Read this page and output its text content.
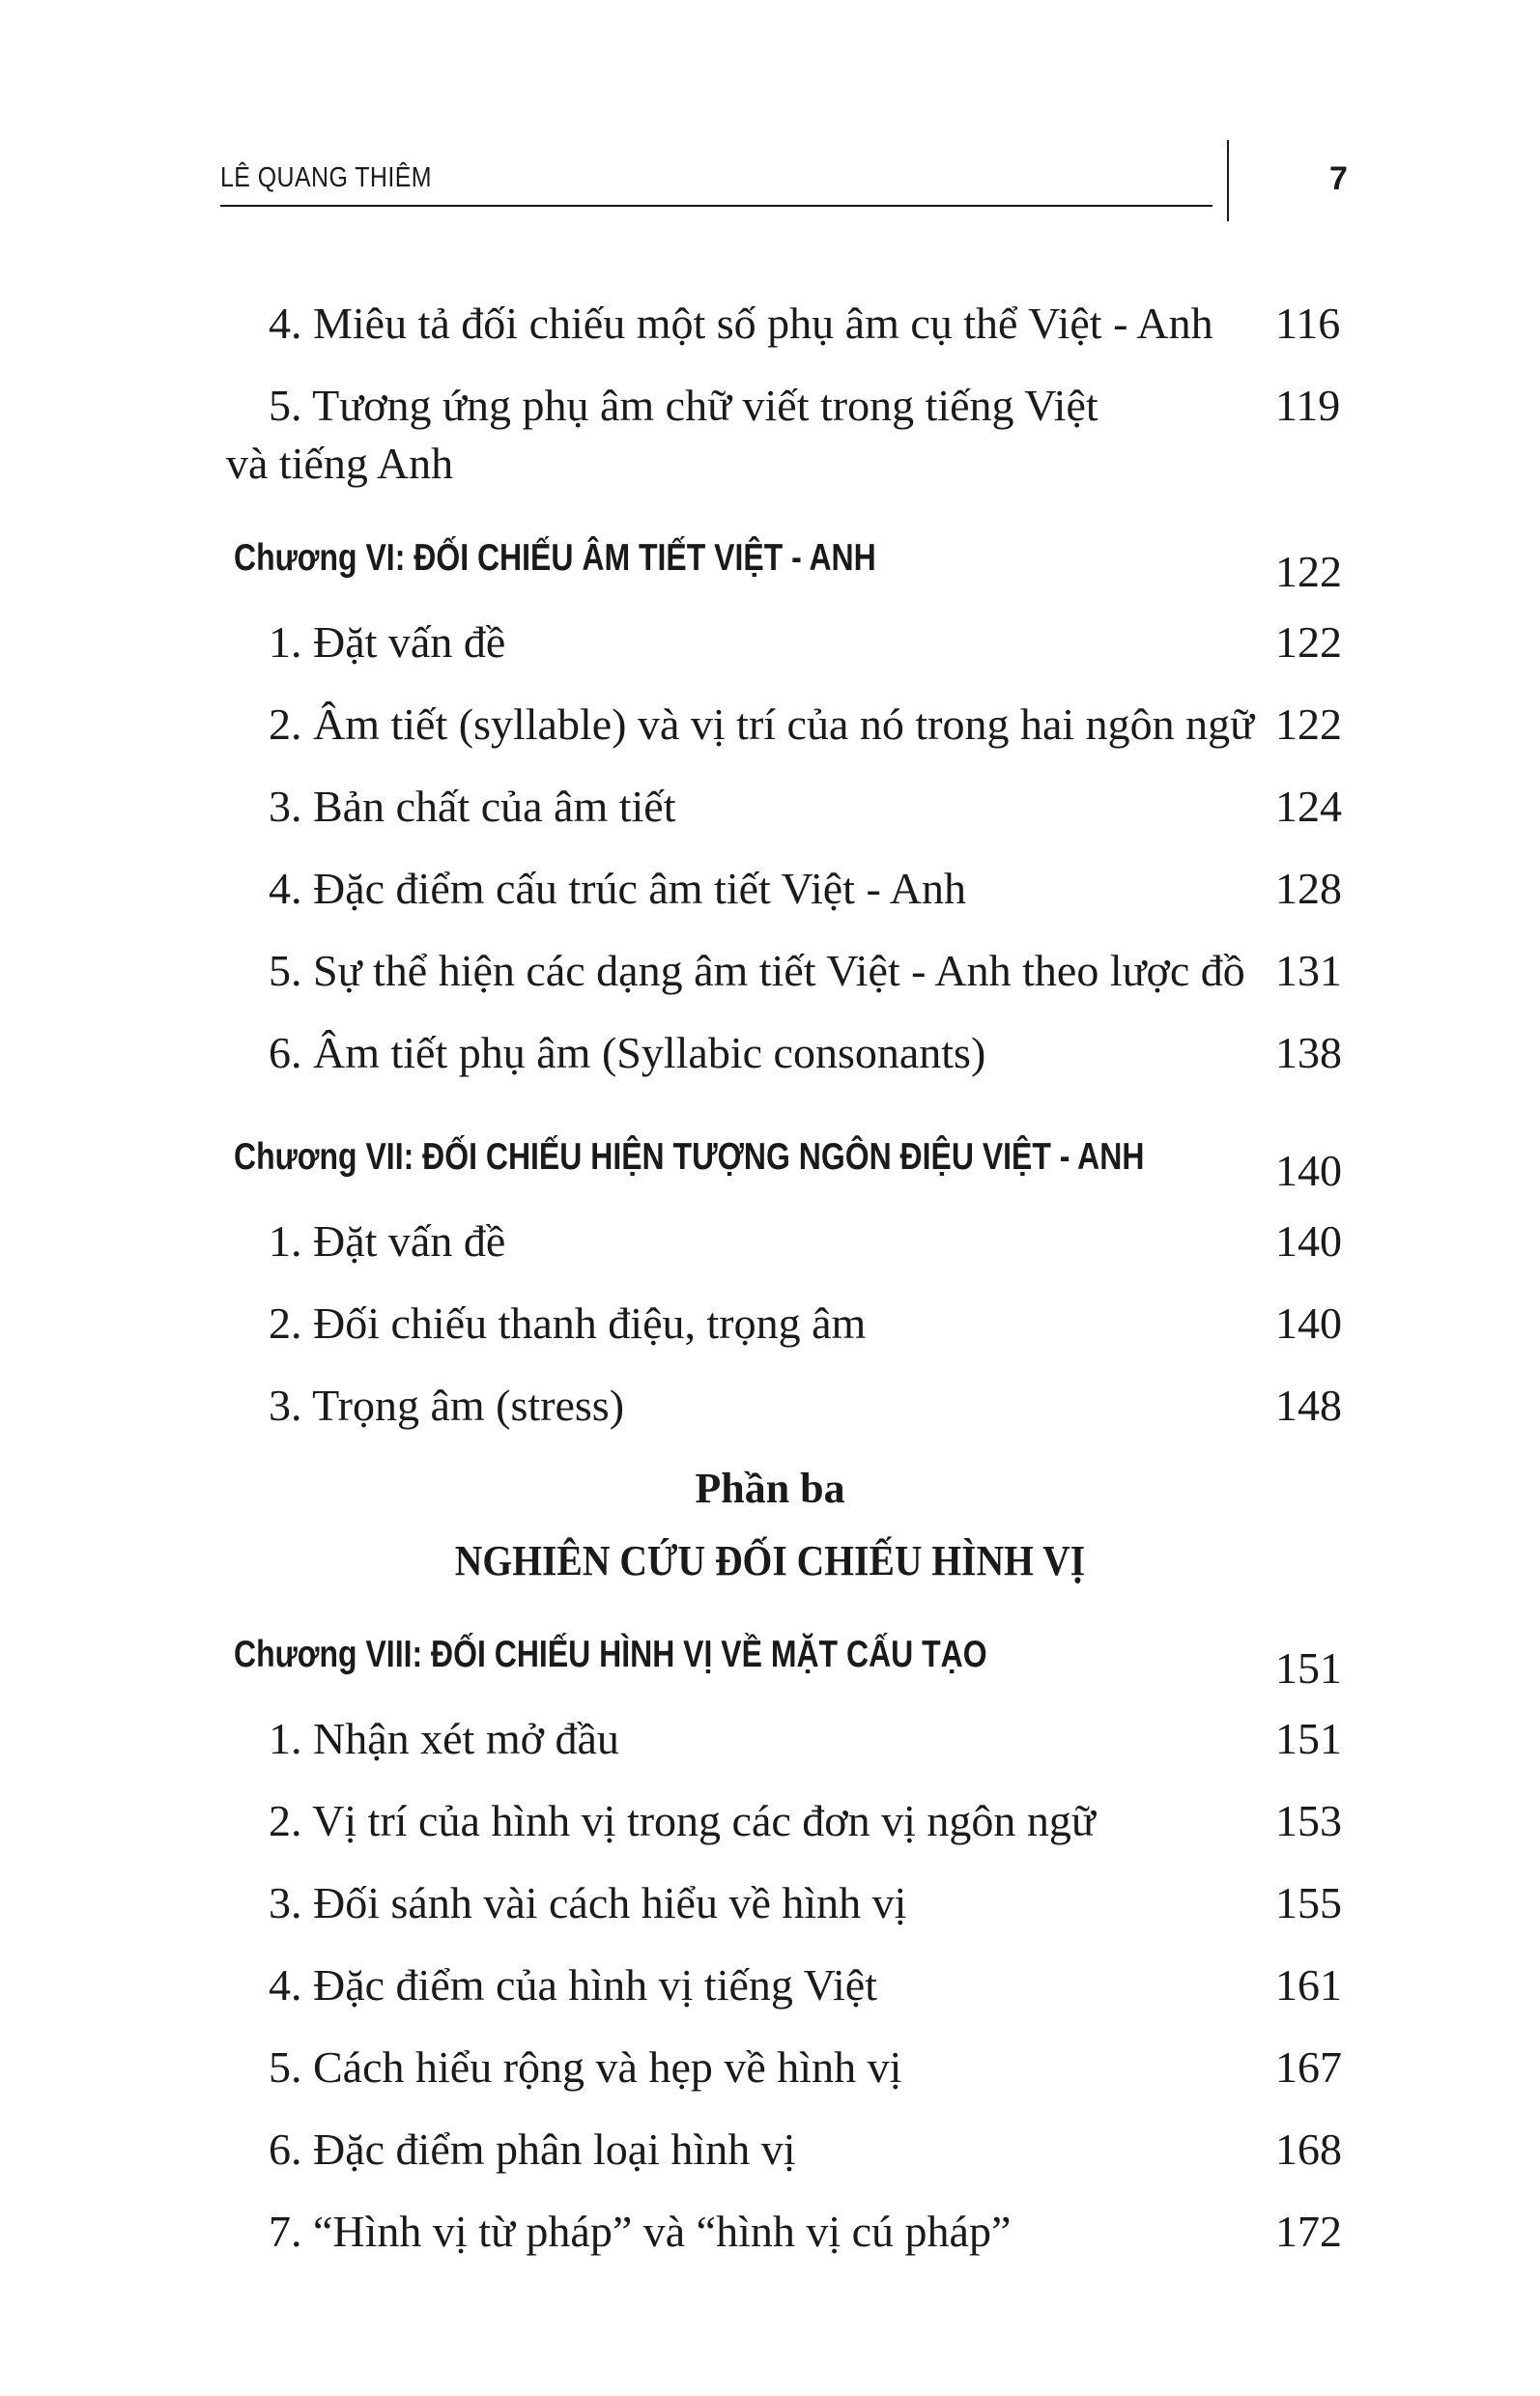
LÊ QUANG THIÊM	7
4. Miêu tả đối chiếu một số phụ âm cụ thể Việt - Anh 116
5. Tương ứng phụ âm chữ viết trong tiếng Việt
và tiếng Anh
119
Chương VI: ĐỐI CHIẾU ÂM TIẾT VIỆT - ANH	122
1. Đặt vấn đề	122
2. Âm tiết (syllable) và vị trí của nó trong hai ngôn ngữ 122
3. Bản chất của âm tiết	124
4. Đặc điểm cấu trúc âm tiết Việt - Anh	128
5. Sự thể hiện các dạng âm tiết Việt - Anh theo lược đồ 131
6. Âm tiết phụ âm (Syllabic consonants)	138
Chương VII: ĐỐI CHIẾU HIỆN TƯỢNG NGÔN ĐIỆU VIỆT - ANH	140
1. Đặt vấn đề	140
2. Đối chiếu thanh điệu, trọng âm	140
3. Trọng âm (stress)	148
Phần ba
NGHIÊN CỨU ĐỐI CHIẾU HÌNH VỊ
Chương VIII: ĐỐI CHIẾU HÌNH VỊ VỀ MẶT CẤU TẠO	151
1. Nhận xét mở đầu	151
2. Vị trí của hình vị trong các đơn vị ngôn ngữ	153
3. Đối sánh vài cách hiểu về hình vị	155
4. Đặc điểm của hình vị tiếng Việt	161
5. Cách hiểu rộng và hẹp về hình vị	167
6. Đặc điểm phân loại hình vị	168
7. “Hình vị từ pháp” và “hình vị cú pháp”	172
